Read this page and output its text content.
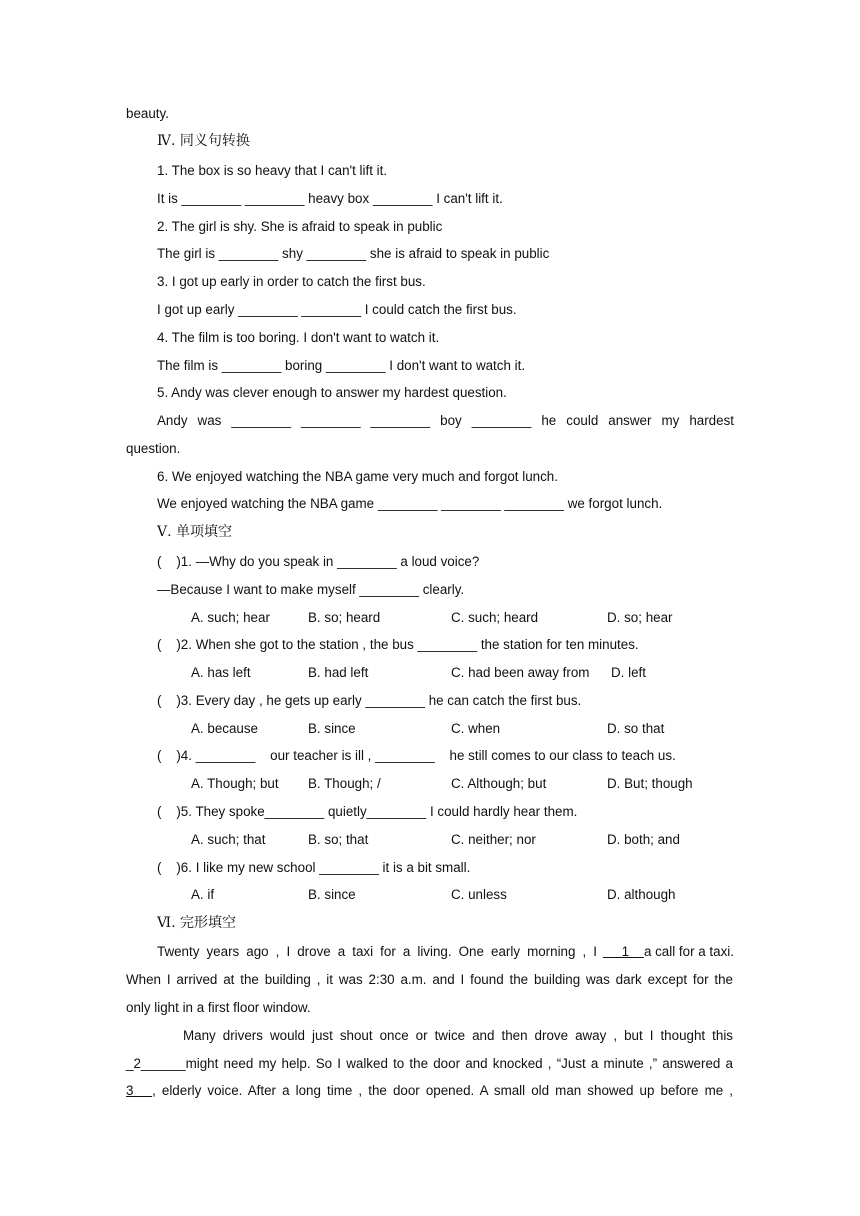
beauty.
Ⅳ. 同义句转换
1. The box is so heavy that I can't lift it.
It is ________ ________ heavy box ________ I can't lift it.
2. The girl is shy. She is afraid to speak in public
The girl is ________ shy ________ she is afraid to speak in public
3. I got up early in order to catch the first bus.
I got up early ________ ________ I could catch the first bus.
4. The film is too boring. I don't want to watch it.
The film is ________ boring ________ I don't want to watch it.
5. Andy was clever enough to answer my hardest question.
Andy was ________ ________ ________ boy ________ he could answer my hardest
question.
6. We enjoyed watching the NBA game very much and forgot lunch.
We enjoyed watching the NBA game ________ ________ ________ we forgot lunch.
Ⅴ. 单项填空
(    )1. —Why do you speak in ________ a loud voice?
—Because I want to make myself ________ clearly.
A. such; hear	B. so; heard	C. such; heard	D. so; hear
(    )2. When she got to the station , the bus ________ the station for ten minutes.
A. has left	B. had left	C. had been away from D. left
(    )3. Every day , he gets up early ________ he can catch the first bus.
A. because	B. since	C. when	D. so that
(    )4. ________    our teacher is ill , ________    he still comes to our class to teach us.
A. Though; but B. Though; /	C. Although; but	D. But; though
(    )5. They spoke________ quietly________ I could hardly hear them.
A. such; that	B. so; that	C. neither; nor	D. both; and
(    )6. I like my new school ________ it is a bit small.
A. if	B. since	C. unless	D. although
Ⅵ. 完形填空
Twenty years ago , I drove a taxi for a living. One early morning , I 1 a call for a taxi.
When I arrived at the building , it was 2:30 a.m. and I found the building was dark except for the
only light in a first floor window.
Many drivers would just shout once or twice and then drove away , but I thought this
_2______ might need my help. So I walked to the door and knocked , “Just a minute ,” answered a
3 , elderly voice. After a long time , the door opened. A small old man showed up before me ,
